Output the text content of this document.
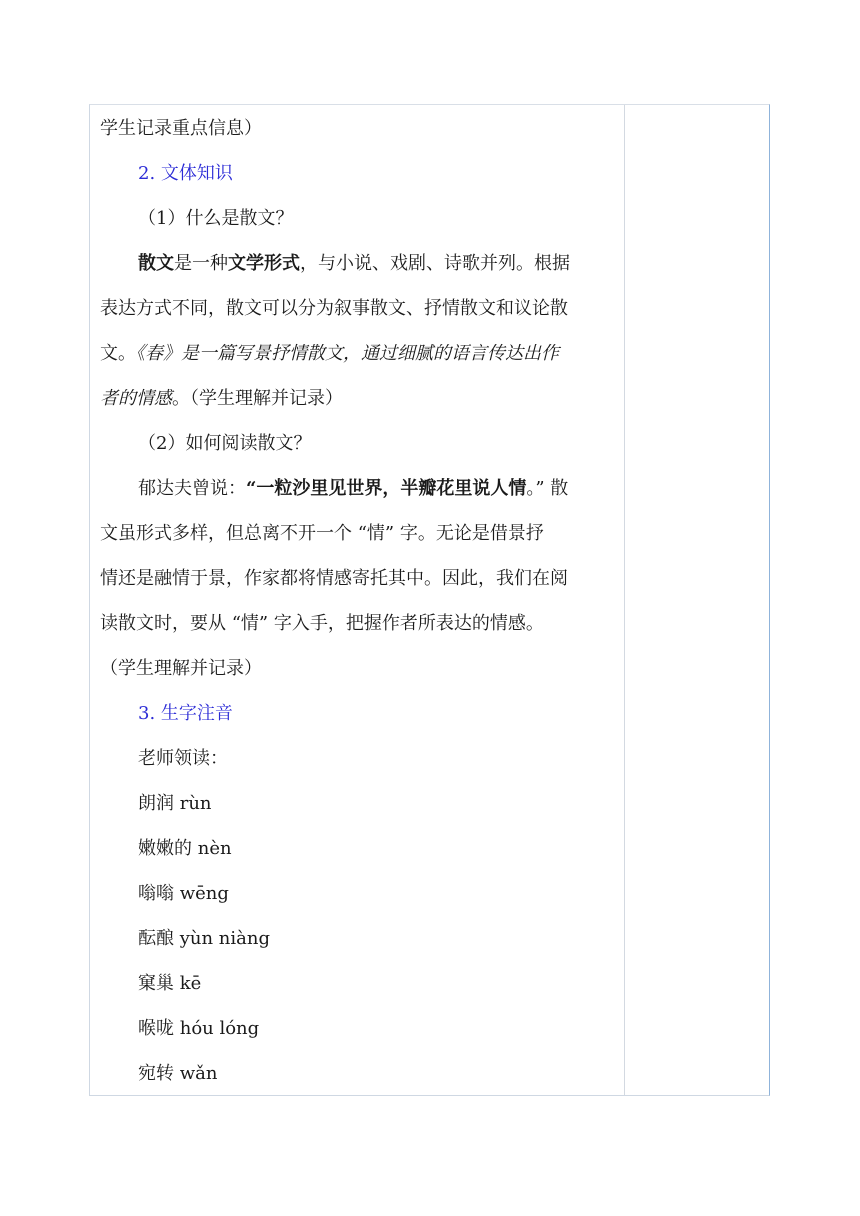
学生记录重点信息）
2. 文体知识
（1）什么是散文？
散文是一种文学形式，与小说、戏剧、诗歌并列。根据
表达方式不同，散文可以分为叙事散文、抒情散文和议论散
文。《春》是一篇写景抒情散文，通过细腻的语言传达出作
者的情感。（学生理解并记录）
（2）如何阅读散文？
郁达夫曾说：“一粒沙里见世界，半瓣花里说人情。” 散
文虽形式多样，但总离不开一个 “情” 字。无论是借景抒
情还是融情于景，作家都将情感寄托其中。因此，我们在阅
读散文时，要从 “情” 字入手，把握作者所表达的情感。
（学生理解并记录）
3. 生字注音
老师领读：
朗润 rùn
嫩嫩的 nèn
嗡嗡 wēng
酝酿 yùn niàng
窠巢 kē
喉咙 hóu lóng
宛转 wǎn
